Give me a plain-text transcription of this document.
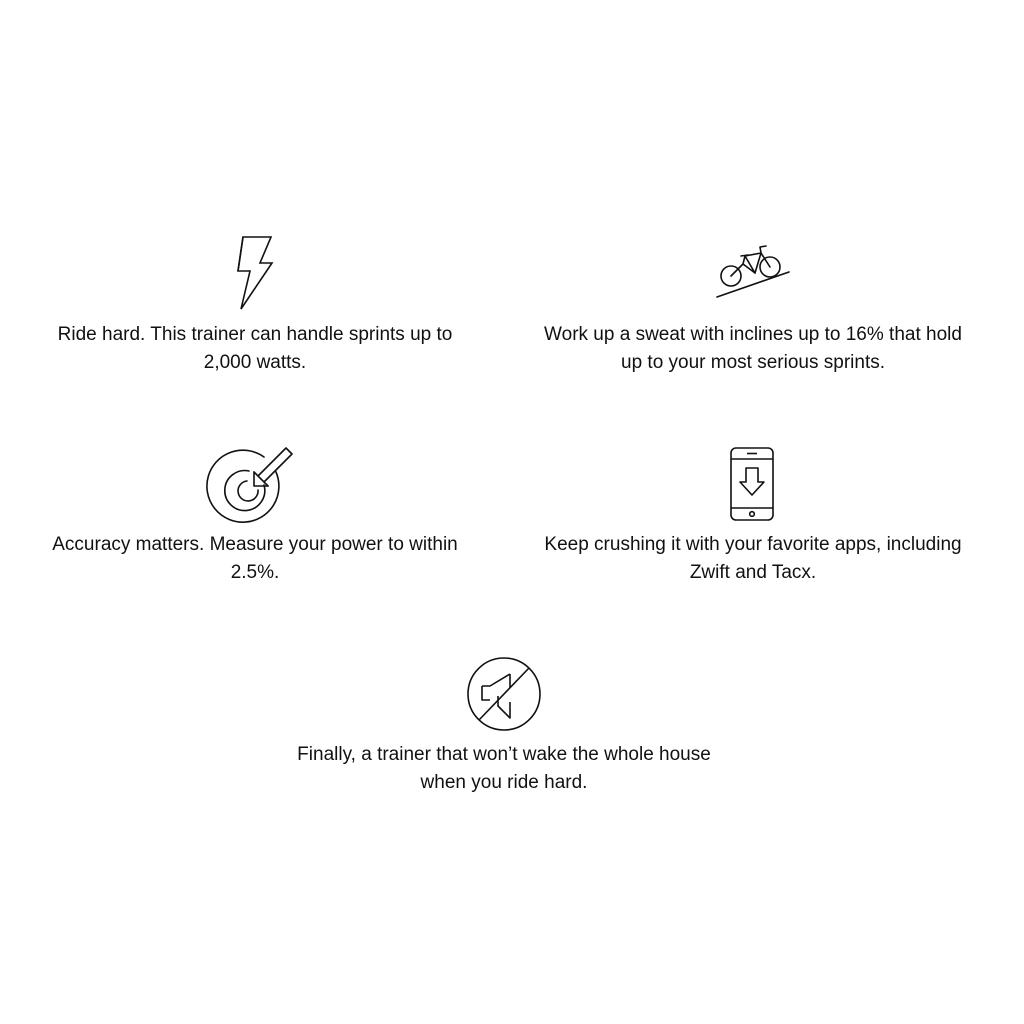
Ride hard. This trainer can handle sprints up to
2,000 watts.

Work up a sweat with inclines up to 16% that hold
up to your most serious sprints.

Accuracy matters. Measure your power to within
2.5%.

Keep crushing it with your favorite apps, including
Zwift and Tacx.

Finally, a trainer that won’t wake the whole house
when you ride hard.
